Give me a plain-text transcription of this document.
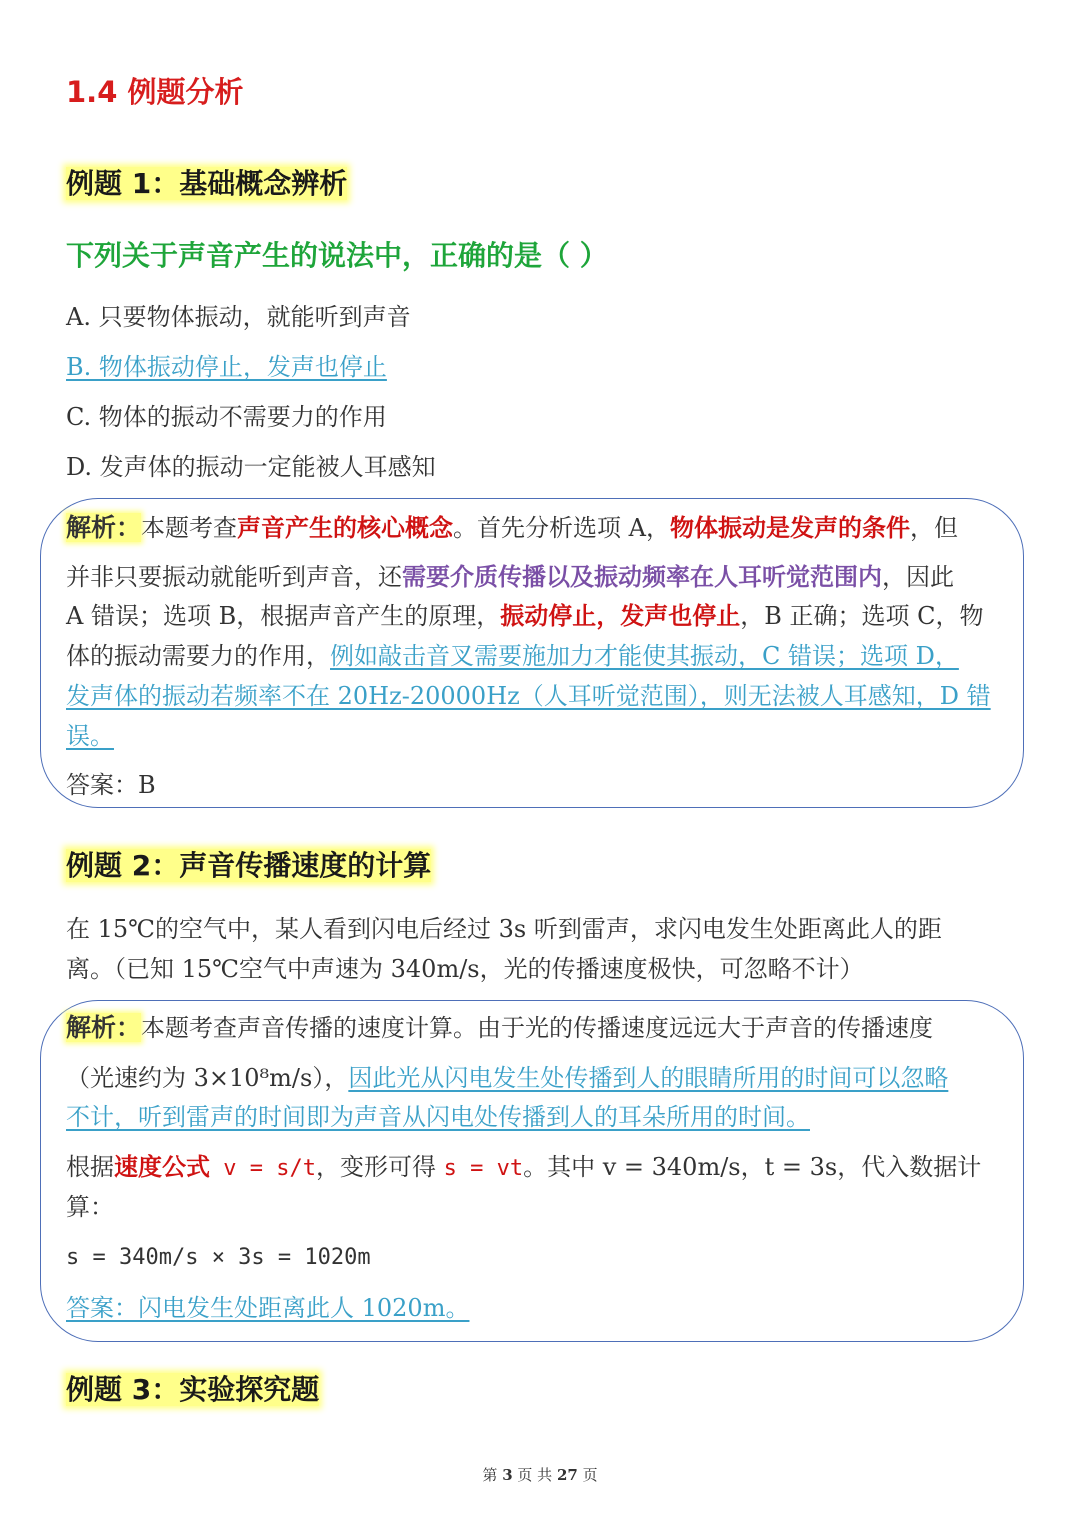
1.4 例题分析
例题 1：基础概念辨析

下列关于声音产生的说法中，正确的是（ ）

A. 只要物体振动，就能听到声音

B. 物体振动停止，发声也停止

C. 物体的振动不需要力的作用

D. 发声体的振动一定能被人耳感知

解析：本题考查声音产生的核心概念。首先分析选项 A，物体振动是发声的条件，但

并非只要振动就能听到声音，还需要介质传播以及振动频率在人耳听觉范围内，因此

A 错误；选项 B，根据声音产生的原理，振动停止，发声也停止，B 正确；选项 C，物

体的振动需要力的作用，例如敲击音叉需要施加力才能使其振动，C 错误；选项 D，

发声体的振动若频率不在 20Hz-20000Hz（人耳听觉范围），则无法被人耳感知，D 错

误。

答案：B

例题 2：声音传播速度的计算

在 15℃的空气中，某人看到闪电后经过 3s 听到雷声，求闪电发生处距离此人的距

离。（已知 15℃空气中声速为 340m/s，光的传播速度极快，可忽略不计）

解析：本题考查声音传播的速度计算。由于光的传播速度远远大于声音的传播速度

（光速约为 3×10⁸m/s），因此光从闪电发生处传播到人的眼睛所用的时间可以忽略

不计，听到雷声的时间即为声音从闪电处传播到人的耳朵所用的时间。

根据速度公式 v = s/t，变形可得 s = vt。其中 v = 340m/s，t = 3s，代入数据计

算：

s = 340m/s × 3s = 1020m

答案：闪电发生处距离此人 1020m。

例题 3：实验探究题

第 3 页 共 27 页
